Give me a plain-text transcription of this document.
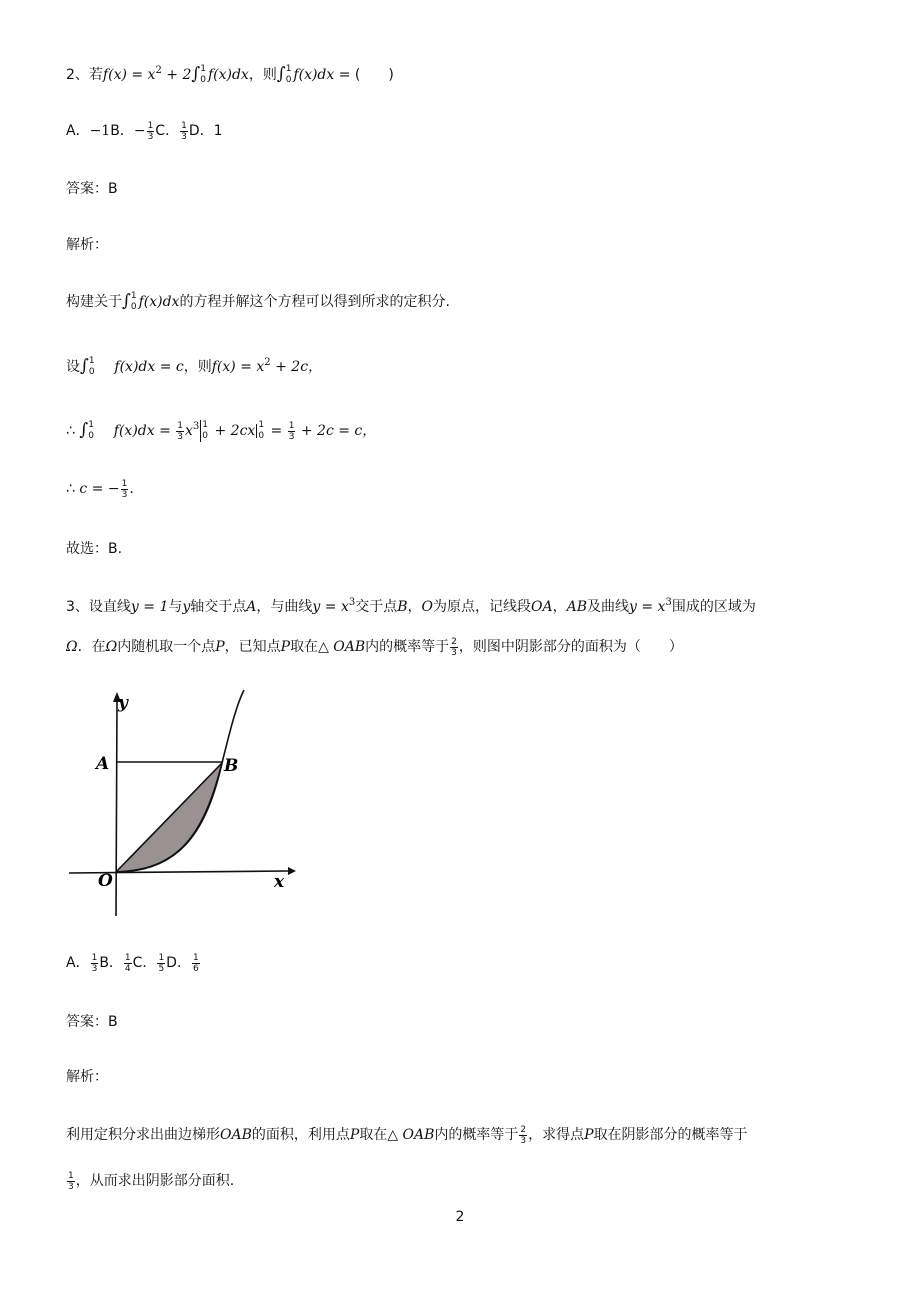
2、若$f(x) = x^2 + 2\int$ 1
0 f(x)dx，则∫ 1
0 f(x)dx = (　　)
A．−1B．− $\frac{1}{3}$ C． $\frac{1}{3}$ D．1
答案：B
解析：
构建关于∫ 1
0 f(x)dx的方程并解这个方程可以得到所求的定积分.
设∫ 1
0 f(x)dx = c，则$f(x) = x^2 + 2c$，
∴ ∫ 1
0 $f(x)dx = \frac{1}{3} x^3$ 1
0 + 2cx 1
$0 = \frac{1}{3} + 2c = c$，
∴ c = − $\frac{1}{3}$ .
故选：B.
3、设直线y = 1与y轴交于点A，与曲线$y = x^3$交于点B，O为原点，记线段OA，AB及曲线$y = x^3$围成的区域为
Ω．在Ω内随机取一个点P，已知点P取在△ OAB内的概率等于 $\frac{2}{3}$ ，则图中阴影部分的面积为（　　）
y
x
A	B
O
A． $\frac{1}{3}$ B． $\frac{1}{4}$ C． $\frac{1}{5}$ D． $\frac{1}{6}$
答案：B
解析：
利用定积分求出曲边梯形OAB的面积，利用点P取在△ OAB内的概率等于 $\frac{2}{3}$ ，求得点P取在阴影部分的概率等于
$\frac{1}{3}$ ，从而求出阴影部分面积.
2
